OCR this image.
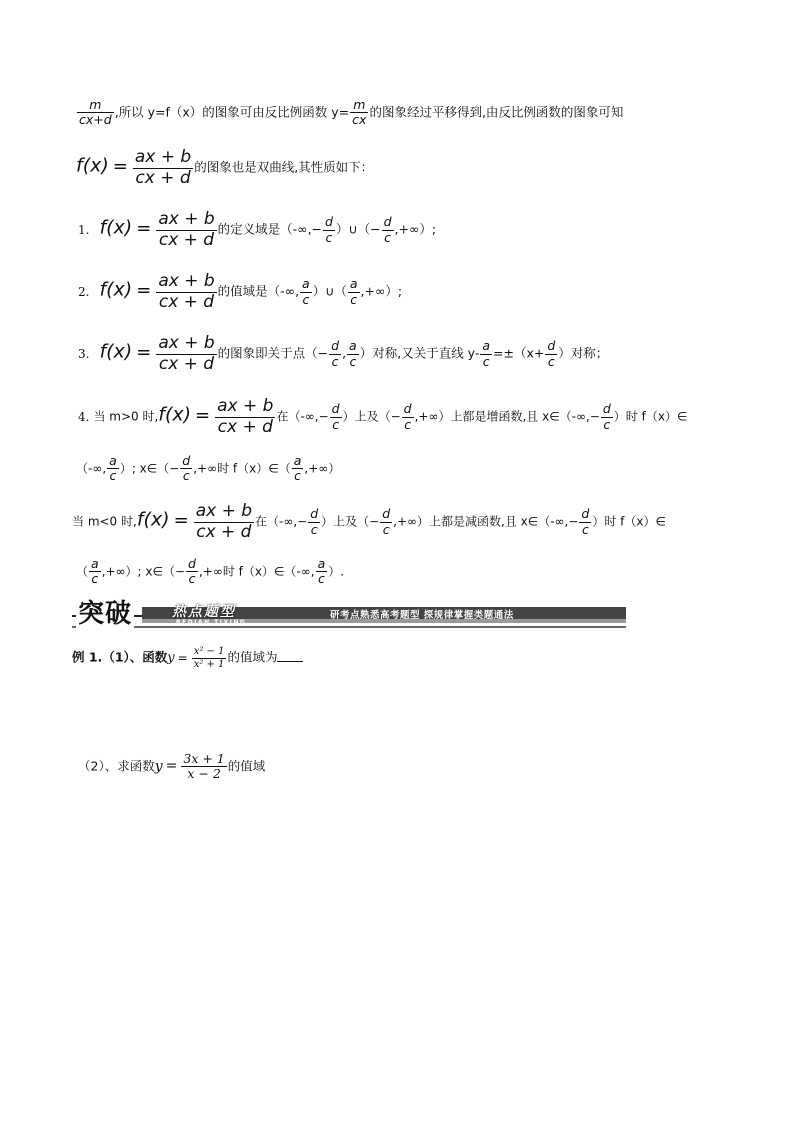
$\frac{m}{cx+d}$ ,所以 y=f（x）的图象可由反比例函数 $y= \frac{m}{cx}$ 的图象经过平移得到,由反比例函数的图象可知
$f(x) = \frac{ax + b}{cx + d}$ 的图象也是双曲线,其性质如下：
1. $f(x) = \frac{ax + b}{cx + d}$ 的定义域是（-∞,− $\frac{d}{c}$ ）∪（− $\frac{d}{c}$ ,+∞）;
2. $f(x) = \frac{ax + b}{cx + d}$ 的值域是（-∞, $\frac{a}{c}$ ）∪（ $\frac{a}{c}$ ,+∞）;
3. $f(x) = \frac{ax + b}{cx + d}$ 的图象即关于点（− $\frac{d}{c}$ , $\frac{a}{c}$ ）对称,又关于直线 $y- \frac{a}{c} =\pm(x+ \frac{d}{c}$ ）对称；
4. 当 m>0 时$,f(x) = \frac{ax + b}{cx + d}$ 在（-∞,− $\frac{d}{c}$ ）上及（− $\frac{d}{c}$ ,+∞）上都是增函数,且 x∈（-∞,− $\frac{d}{c}$ ）时 f（x）∈
（-∞, $\frac{a}{c}$ ）; x∈（− $\frac{d}{c}$ ,+∞时 f（x）∈（ $\frac{a}{c}$ ,+∞）
当 m<0 时$,f(x) = \frac{ax + b}{cx + d}$ 在（-∞,− $\frac{d}{c}$ ）上及（− $\frac{d}{c}$ ,+∞）上都是减函数,且 x∈（-∞,− $\frac{d}{c}$ ）时 f（x）∈
（ $\frac{a}{c}$ ,+∞）; x∈（− $\frac{d}{c}$ ,+∞时 f（x）∈（-∞, $\frac{a}{c}$ ）.
突破	热点题型
REDIAN TIXING
研考点熟悉高考题型 探规律掌握类题通法
例 1.（1）、函数$y = \frac{\text{x² − 1}}{\text{x² + 1}}$ 的值域为
（2）、求函数$y = \frac{3x + 1}{x - 2}$ 的值域
